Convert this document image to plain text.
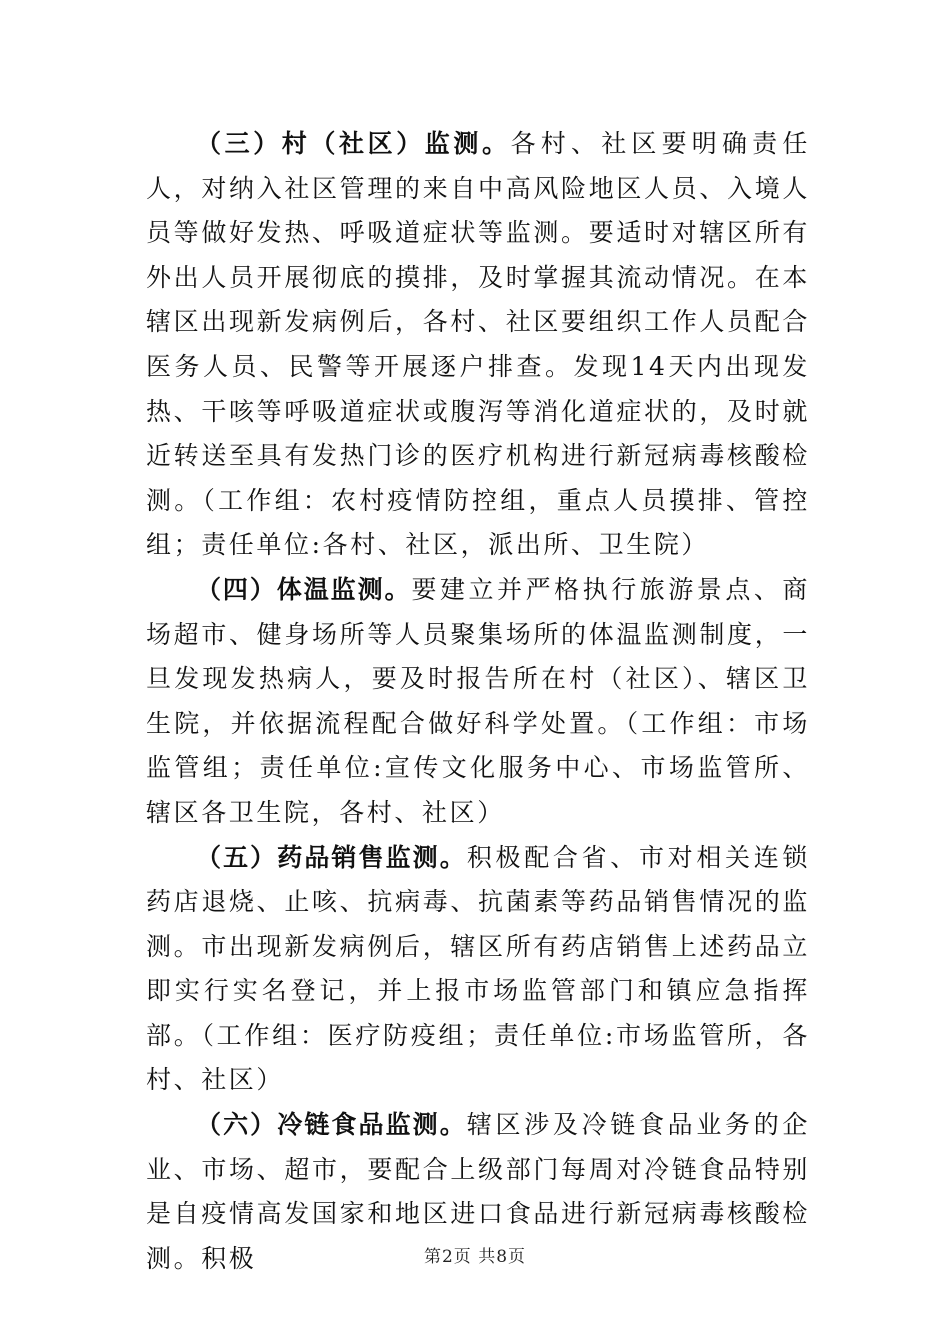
（三）村（社区）监测。各村、社区要明确责任人，对纳入社区管理的来自中高风险地区人员、入境人员等做好发热、呼吸道症状等监测。要适时对辖区所有外出人员开展彻底的摸排，及时掌握其流动情况。在本辖区出现新发病例后，各村、社区要组织工作人员配合医务人员、民警等开展逐户排查。发现14天内出现发热、干咳等呼吸道症状或腹泻等消化道症状的，及时就近转送至具有发热门诊的医疗机构进行新冠病毒核酸检测。（工作组：农村疫情防控组，重点人员摸排、管控组；责任单位:各村、社区，派出所、卫生院）

（四）体温监测。要建立并严格执行旅游景点、商场超市、健身场所等人员聚集场所的体温监测制度，一旦发现发热病人，要及时报告所在村（社区）、辖区卫生院，并依据流程配合做好科学处置。（工作组：市场监管组；责任单位:宣传文化服务中心、市场监管所、辖区各卫生院，各村、社区）

（五）药品销售监测。积极配合省、市对相关连锁药店退烧、止咳、抗病毒、抗菌素等药品销售情况的监测。市出现新发病例后，辖区所有药店销售上述药品立即实行实名登记，并上报市场监管部门和镇应急指挥部。（工作组：医疗防疫组；责任单位:市场监管所，各村、社区）

（六）冷链食品监测。辖区涉及冷链食品业务的企业、市场、超市，要配合上级部门每周对冷链食品特别是自疫情高发国家和地区进口食品进行新冠病毒核酸检测。积极	第2页 共8页
